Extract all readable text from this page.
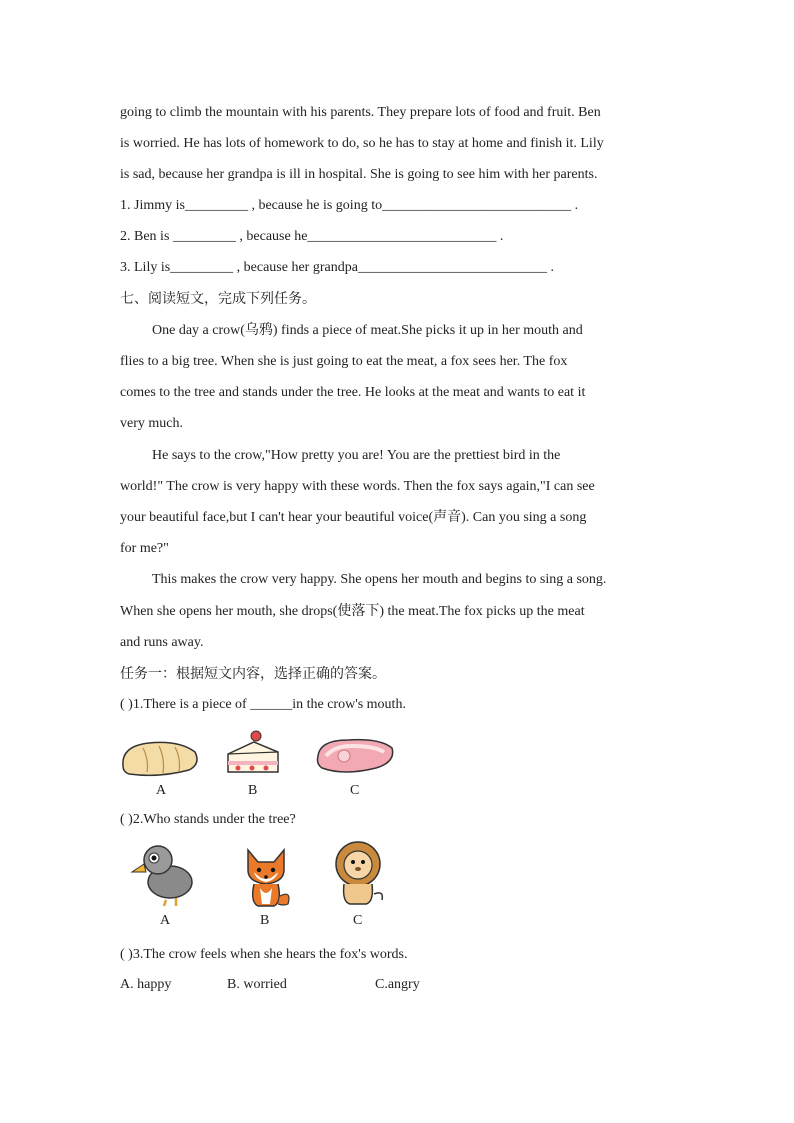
going to climb the mountain with his parents. They prepare lots of food and fruit. Ben
is worried. He has lots of homework to do, so he has to stay at home and finish it. Lily
is sad, because her grandpa is ill in hospital. She is going to see him with her parents.
1. Jimmy is_________ , because he is going to___________________________ .
2. Ben is _________ , because he___________________________ .
3. Lily is_________ , because her grandpa___________________________ .
七、阅读短文，完成下列任务。
One day a crow(乌鸦) finds a piece of meat.She picks it up in her mouth and
flies to a big tree. When she is just going to eat the meat, a fox sees her. The fox
comes to the tree and stands under the tree. He looks at the meat and wants to eat it
very much.
He says to the crow,"How pretty you are! You are the prettiest bird in the
world!" The crow is very happy with these words. Then the fox says again,"I can see
your beautiful face,but I can't hear your beautiful voice(声音). Can you sing a song
for me?"
This makes the crow very happy. She opens her mouth and begins to sing a song.
When she opens her mouth, she drops(使落下) the meat.The fox picks up the meat
and runs away.
任务一：根据短文内容，选择正确的答案。
( )1.There is a piece of ______in the crow's mouth.
A	B	C
( )2.Who stands under the tree?
A	B	C
( )3.The crow feels when she hears the fox's words.
A. happy	B. worried	C.angry
